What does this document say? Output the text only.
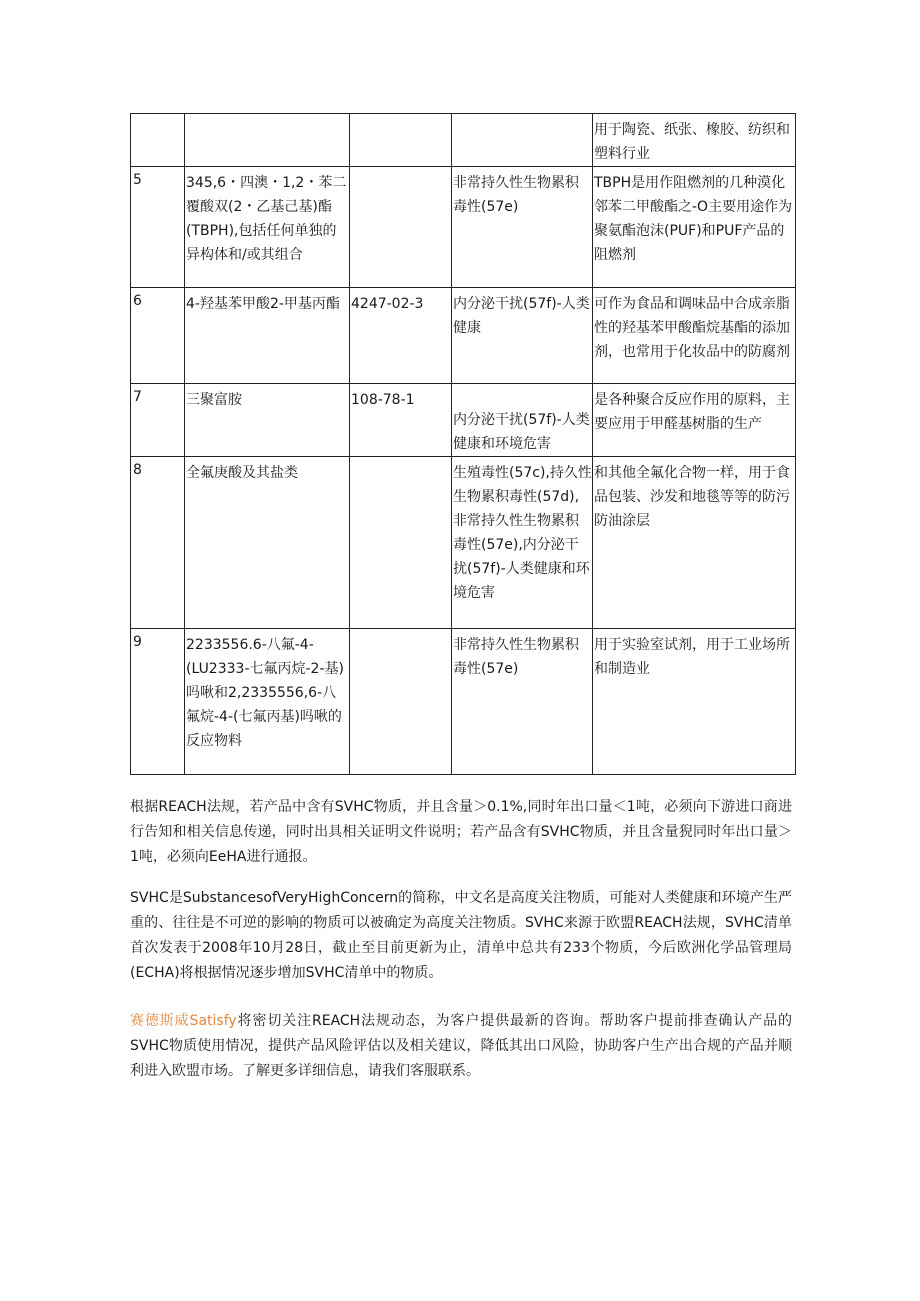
				用于陶瓷、纸张、橡胶、纺织和塑料行业

5	345,6・四澳・1,2・苯二覆酸双(2・乙基己基)酯(TBPH),包括任何单独的异构体和/或其组合		非常持久性生物累积毒性(57e)	TBPH是用作阻燃剂的几种漠化邻苯二甲酸酯之-O主要用途作为聚氨酯泡沫(PUF)和PUF产品的阻燃剂

6	4-羟基苯甲酸2-甲基丙酯	4247-02-3	内分泌干扰(57f)-人类健康	可作为食品和调味品中合成亲脂性的羟基苯甲酸酯烷基酯的添加剂，也常用于化妆品中的防腐剂

7	三聚富胺	108-78-1	内分泌干扰(57f)-人类健康和环境危害	是各种聚合反应作用的原料，主要应用于甲醛基树脂的生产

8	全氟庚酸及其盐类		生殖毒性(57c),持久性生物累积毒性(57d),非常持久性生物累积毒性(57e),内分泌干扰(57f)-人类健康和环境危害	和其他全氟化合物一样，用于食品包装、沙发和地毯等等的防污防油涂层

9	2233556.6-八氟-4-(LU2333-七氟丙烷-2-基)吗啾和2,2335556,6-八氟烷-4-(七氟丙基)吗啾的反应物料		非常持久性生物累积毒性(57e)	用于实验室试剂，用于工业场所和制造业

根据REACH法规，若产品中含有SVHC物质，并且含量＞0.1%,同时年出口量＜1吨，必须向下游进口商进行告知和相关信息传递，同时出具相关证明文件说明；若产品含有SVHC物质，并且含量猊同时年出口量＞1吨，必须向EeHA进行通报。

SVHC是SubstancesofVeryHighConcern的简称，中文名是高度关注物质，可能对人类健康和环境产生严重的、往往是不可逆的影响的物质可以被确定为高度关注物质。SVHC来源于欧盟REACH法规，SVHC清单首次发表于2008年10月28日，截止至目前更新为止，清单中总共有233个物质，今后欧洲化学品管理局(ECHA)将根据情况逐步增加SVHC清单中的物质。

赛德斯威Satisfy将密切关注REACH法规动态，为客户提供最新的咨询。帮助客户提前排查确认产品的SVHC物质使用情况，提供产品风险评估以及相关建议，降低其出口风险，协助客户生产出合规的产品并顺利进入欧盟市场。了解更多详细信息，请我们客服联系。
